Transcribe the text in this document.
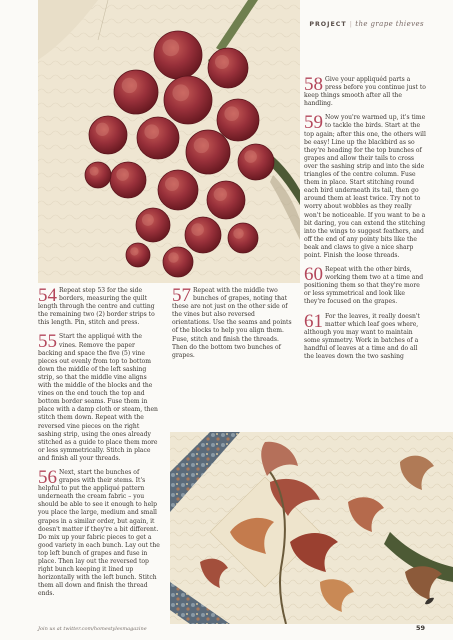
PROJECT | the grape thieves

54 Repeat step 53 for the side borders, measuring the quilt length through the centre and cutting the remaining two (2) border strips to this length. Pin, stitch and press.

55 Start the appliqué with the vines. Remove the paper backing and space the five (5) vine pieces out evenly from top to bottom down the middle of the left sashing strip, so that the middle vine aligns with the middle of the blocks and the vines on the end touch the top and bottom border seams. Fuse them in place with a damp cloth or steam, then stitch them down. Repeat with the reversed vine pieces on the right sashing strip, using the ones already stitched as a guide to place them more or less symmetrically. Stitch in place and finish all your threads.

56 Next, start the bunches of grapes with their stems. It's helpful to put the appliqué pattern underneath the cream fabric – you should be able to see it enough to help you place the large, medium and small grapes in a similar order, but again, it doesn't matter if they're a bit different. Do mix up your fabric pieces to get a good variety in each bunch. Lay out the top left bunch of grapes and fuse in place. Then lay out the reversed top right bunch keeping it lined up horizontally with the left bunch. Stitch them all down and finish the thread ends.

57 Repeat with the middle two bunches of grapes, noting that these are not just on the other side of the vines but also reversed orientations. Use the seams and points of the blocks to help you align them. Fuse, stitch and finish the threads. Then do the bottom two bunches of grapes.

58 Give your appliquéd parts a press before you continue just to keep things smooth after all the handling.

59 Now you're warmed up, it's time to tackle the birds. Start at the top again; after this one, the others will be easy! Line up the blackbird as so they're heading for the top bunches of grapes and allow their tails to cross over the sashing strip and into the side triangles of the centre column. Fuse them in place. Start stitching round each bird underneath its tail, then go around them at least twice. Try not to worry about wobbles as they really won't be noticeable. If you want to be a bit daring, you can extend the stitching into the wings to suggest feathers, and off the end of any pointy bits like the beak and claws to give a nice sharp point. Finish the loose threads.

60 Repeat with the other birds, working them two at a time and positioning them so that they're more or less symmetrical and look like they're focused on the grapes.

61 For the leaves, it really doesn't matter which leaf goes where, although you may want to maintain some symmetry. Work in batches of a handful of leaves at a time and do all the leaves down the two sashing

Join us at twitter.com/homestylesmagazine	59
